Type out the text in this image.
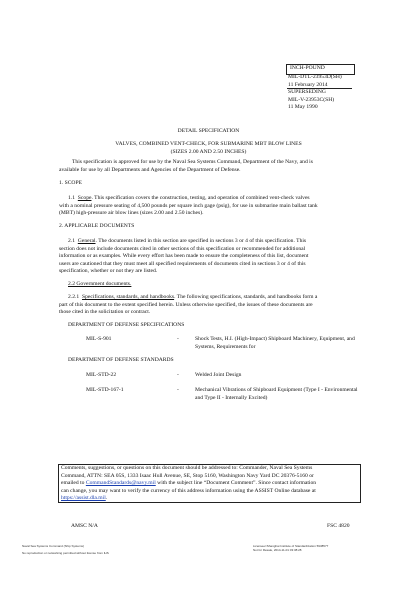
INCH-POUND
MIL-DTL-23953D(SH)
11 February 2014
SUPERSEDING
MIL-V-23953C(SH)
11 May 1990
DETAIL SPECIFICATION
VALVES, COMBINED VENT-CHECK, FOR SUBMARINE MBT BLOW LINES
(SIZES 2.00 AND 2.50 INCHES)
This specification is approved for use by the Naval Sea Systems Command, Department of the Navy, and is
available for use by all Departments and Agencies of the Department of Defense.
1. SCOPE
1.1 Scope. This specification covers the construction, testing, and operation of combined vent-check valves
with a nominal pressure seating of 4,500 pounds per square inch gage (psig), for use in submarine main ballast tank
(MBT) high-pressure air blow lines (sizes 2.00 and 2.50 inches).
2. APPLICABLE DOCUMENTS
2.1 General. The documents listed in this section are specified in sections 3 or 4 of this specification. This
section does not include documents cited in other sections of this specification or recommended for additional
information or as examples. While every effort has been made to ensure the completeness of this list, document
users are cautioned that they must meet all specified requirements of documents cited in sections 3 or 4 of this
specification, whether or not they are listed.
2.2 Government documents.
2.2.1 Specifications, standards, and handbooks. The following specifications, standards, and handbooks form a
part of this document to the extent specified herein. Unless otherwise specified, the issues of these documents are
those cited in the solicitation or contract.
DEPARTMENT OF DEFENSE SPECIFICATIONS
MIL-S-901	-	Shock Tests, H.I. (High-Impact) Shipboard Machinery, Equipment, and
Systems, Requirements for
DEPARTMENT OF DEFENSE STANDARDS
MIL-STD-22	-	Welded Joint Design
MIL-STD-167-1	-	Mechanical Vibrations of Shipboard Equipment (Type I - Environmental
and Type II - Internally Excited)
Comments, suggestions, or questions on this document should be addressed to: Commander, Naval Sea Systems
Command, ATTN: SEA 05S, 1333 Isaac Hull Avenue, SE, Stop 5160, Washington Navy Yard DC 20376-5160 or
emailed to CommandStandards@navy.mil with the subject line “Document Comment”. Since contact information
can change, you may want to verify the currency of this address information using the ASSIST Online database at
https://assist.dla.mil.
AMSC N/A	FSC 4820
Naval Sea Systems Command (Ship Systems)
No reproduction or networking permitted without license from IHS
Licensee=Shanghai Institute of Standardization 5938577
Not for Resale, 2014-11-01 03:38:28
